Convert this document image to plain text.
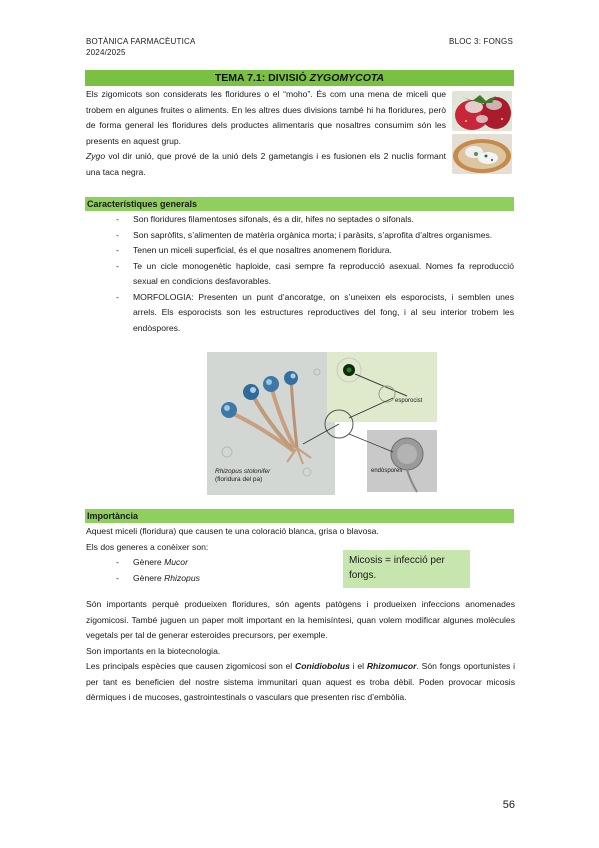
BOTÀNICA FARMACÈUTICA
2024/2025
BLOC 3: FONGS
TEMA 7.1: DIVISIÓ ZYGOMYCOTA
Els zigomicots son considerats les floridures o el “moho”. És com una mena de miceli que trobem en algunes fruites o aliments. En les altres dues divisions també hi ha floridures, però de forma general les floridures dels productes alimentaris que nosaltres consumim són les presents en aquest grup.
Zygo vol dir unió, que prové de la unió dels 2 gametangis i es fusionen els 2 nuclis formant una taca negra.
Característiques generals
- Son floridures filamentoses sifonals, és a dir, hifes no septades o sifonals.
- Son sapròfits, s’alimenten de matèria orgànica morta; i paràsits, s’aprofita d’altres organismes.
- Tenen un miceli superficial, és el que nosaltres anomenem floridura.
- Te un cicle monogenètic haploide, casi sempre fa reproducció asexual. Nomes fa reproducció sexual en condicions desfavorables.
- MORFOLOGIA: Presenten un punt d’ancoratge, on s’uneixen els esporocists, i semblen unes arrels. Els esporocists son les estructures reproductives del fong, i al seu interior trobem les endòspores.
Rhizopus stolonifer
(floridura del pa)
esporocist
endòspores
Importància
Aquest miceli (floridura) que causen te una coloració blanca, grisa o blavosa.
Els dos generes a conèixer son:
- Gènere Mucor
- Gènere Rhizopus
Micosis = infecció per fongs.
Són importants perquè produeixen floridures, són agents patògens i produeixen infeccions anomenades zigomicosi. També juguen un paper molt important en la hemisíntesi, quan volem modificar algunes molècules vegetals per tal de generar esteroides precursors, per exemple.
Son importants en la biotecnologia.
Les principals espècies que causen zigomicosi son el Conidiobolus i el Rhizomucor. Són fongs oportunistes i per tant es beneficien del nostre sistema immunitari quan aquest es troba dèbil. Poden provocar micosis dèrmiques i de mucoses, gastrointestinals o vasculars que presenten risc d’embòlia.
56
